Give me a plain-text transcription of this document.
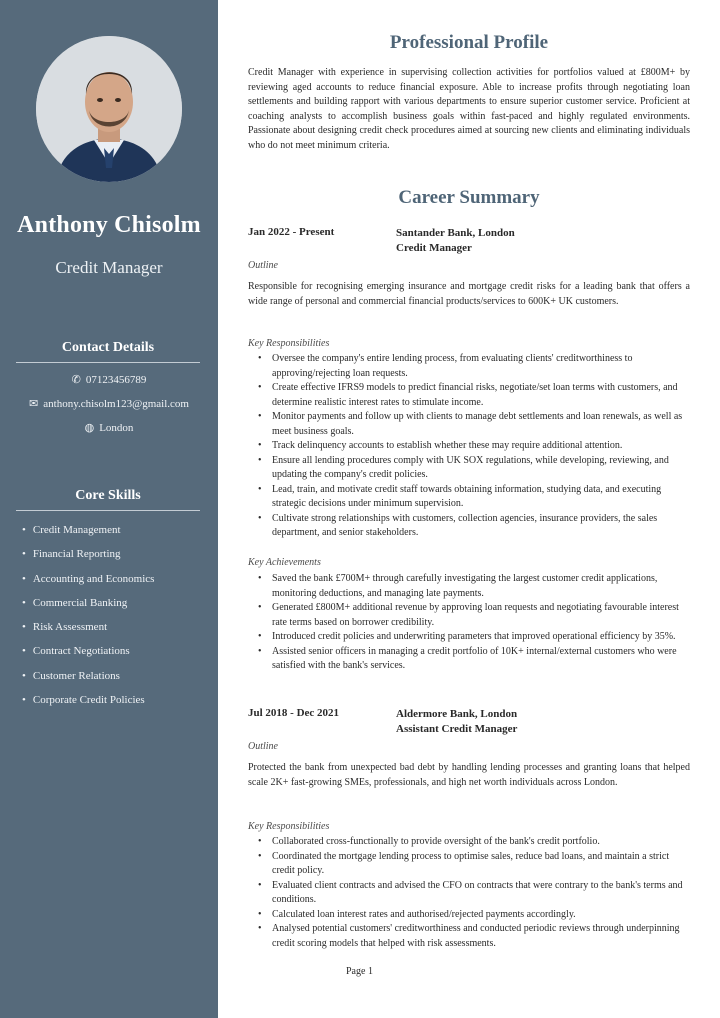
Anthony Chisolm
Credit Manager
Contact Details
✆ 07123456789
✉ anthony.chisolm123@gmail.com
◍ London
Core Skills
• Credit Management
• Financial Reporting
• Accounting and Economics
• Commercial Banking
• Risk Assessment
• Contract Negotiations
• Customer Relations
• Corporate Credit Policies
Professional Profile
Credit Manager with experience in supervising collection activities for portfolios valued at £800M+ by reviewing aged accounts to reduce financial exposure. Able to increase profits through negotiating loan settlements and building rapport with various departments to ensure superior customer service. Proficient at coaching analysts to accomplish business goals within fast-paced and highly regulated environments. Passionate about designing credit check procedures aimed at sourcing new clients and eliminating individuals who do not meet minimum criteria.
Career Summary
Jan 2022 - Present	Santander Bank, London
Credit Manager
Outline
Responsible for recognising emerging insurance and mortgage credit risks for a leading bank that offers a wide range of personal and commercial financial products/services to 600K+ UK customers.
Key Responsibilities
• Oversee the company's entire lending process, from evaluating clients' creditworthiness to approving/rejecting loan requests.
• Create effective IFRS9 models to predict financial risks, negotiate/set loan terms with customers, and determine realistic interest rates to stimulate income.
• Monitor payments and follow up with clients to manage debt settlements and loan renewals, as well as meet business goals.
• Track delinquency accounts to establish whether these may require additional attention.
• Ensure all lending procedures comply with UK SOX regulations, while developing, reviewing, and updating the company's credit policies.
• Lead, train, and motivate credit staff towards obtaining information, studying data, and executing strategic decisions under minimum supervision.
• Cultivate strong relationships with customers, collection agencies, insurance providers, the sales department, and senior stakeholders.
Key Achievements
• Saved the bank £700M+ through carefully investigating the largest customer credit applications, monitoring deductions, and managing late payments.
• Generated £800M+ additional revenue by approving loan requests and negotiating favourable interest rate terms based on borrower credibility.
• Introduced credit policies and underwriting parameters that improved operational efficiency by 35%.
• Assisted senior officers in managing a credit portfolio of 10K+ internal/external customers who were satisfied with the bank's services.
Jul 2018 - Dec 2021	Aldermore Bank, London
Assistant Credit Manager
Outline
Protected the bank from unexpected bad debt by handling lending processes and granting loans that helped scale 2K+ fast-growing SMEs, professionals, and high net worth individuals across London.
Key Responsibilities
• Collaborated cross-functionally to provide oversight of the bank's credit portfolio.
• Coordinated the mortgage lending process to optimise sales, reduce bad loans, and maintain a strict credit policy.
• Evaluated client contracts and advised the CFO on contracts that were contrary to the bank's terms and conditions.
• Calculated loan interest rates and authorised/rejected payments accordingly.
• Analysed potential customers' creditworthiness and conducted periodic reviews through underpinning credit scoring models that helped with risk assessments.
Page 1
